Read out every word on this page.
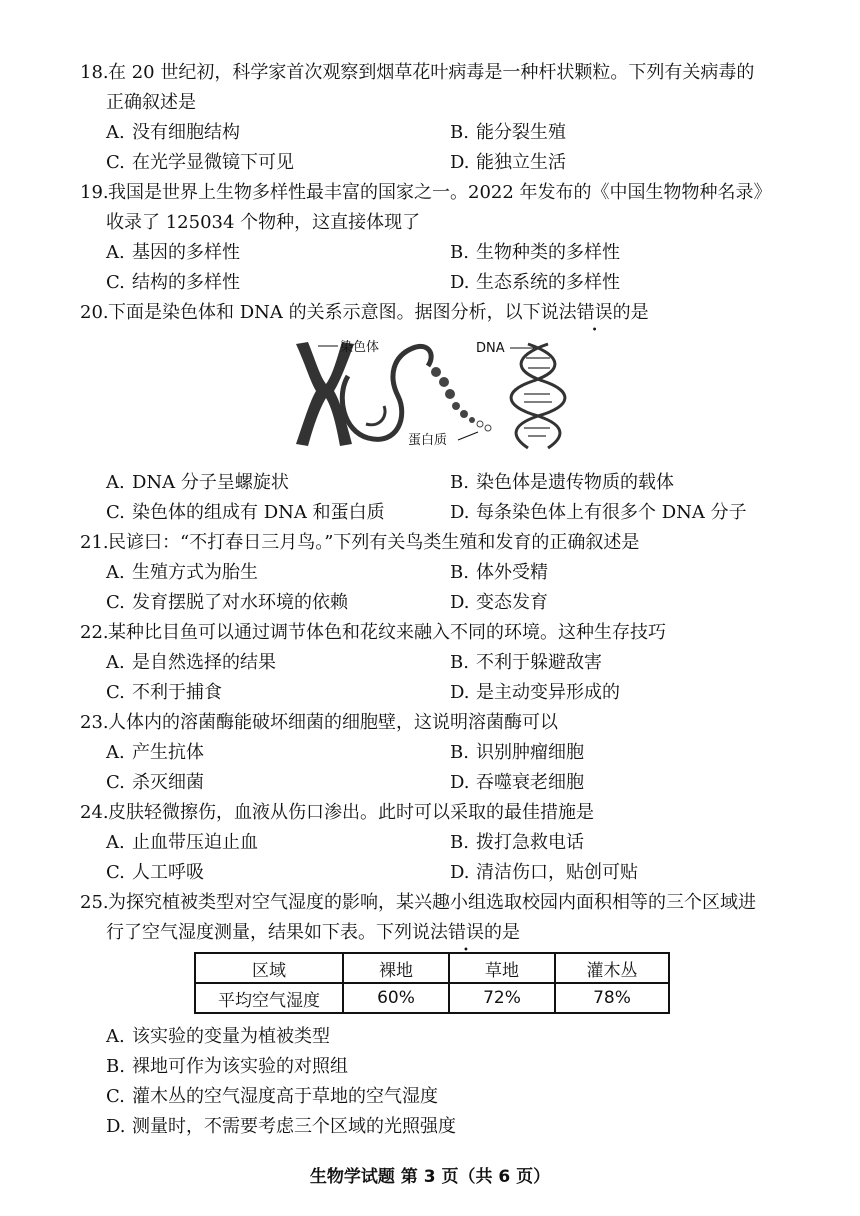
18.在 20 世纪初，科学家首次观察到烟草花叶病毒是一种杆状颗粒。下列有关病毒的
正确叙述是
A. 没有细胞结构	B. 能分裂生殖
C. 在光学显微镜下可见	D. 能独立生活
19.我国是世界上生物多样性最丰富的国家之一。2022 年发布的《中国生物物种名录》
收录了 125034 个物种，这直接体现了
A. 基因的多样性	B. 生物种类的多样性
C. 结构的多样性	D. 生态系统的多样性
20.下面是染色体和 DNA 的关系示意图。据图分析，以下说法错误的是
染色体
蛋白质
DNA
A. DNA 分子呈螺旋状	B. 染色体是遗传物质的载体
C. 染色体的组成有 DNA 和蛋白质	D. 每条染色体上有很多个 DNA 分子
21.民谚曰：“不打春日三月鸟。”下列有关鸟类生殖和发育的正确叙述是
A. 生殖方式为胎生	B. 体外受精
C. 发育摆脱了对水环境的依赖	D. 变态发育
22.某种比目鱼可以通过调节体色和花纹来融入不同的环境。这种生存技巧
A. 是自然选择的结果	B. 不利于躲避敌害
C. 不利于捕食	D. 是主动变异形成的
23.人体内的溶菌酶能破坏细菌的细胞壁，这说明溶菌酶可以
A. 产生抗体	B. 识别肿瘤细胞
C. 杀灭细菌	D. 吞噬衰老细胞
24.皮肤轻微擦伤，血液从伤口渗出。此时可以采取的最佳措施是
A. 止血带压迫止血	B. 拨打急救电话
C. 人工呼吸	D. 清洁伤口，贴创可贴
25.为探究植被类型对空气湿度的影响，某兴趣小组选取校园内面积相等的三个区域进
行了空气湿度测量，结果如下表。下列说法错误的是
区域	裸地	草地	灌木丛
平均空气湿度	60%	72%	78%
A. 该实验的变量为植被类型
B. 裸地可作为该实验的对照组
C. 灌木丛的空气湿度高于草地的空气湿度
D. 测量时，不需要考虑三个区域的光照强度
生物学试题 第 3 页（共 6 页）
